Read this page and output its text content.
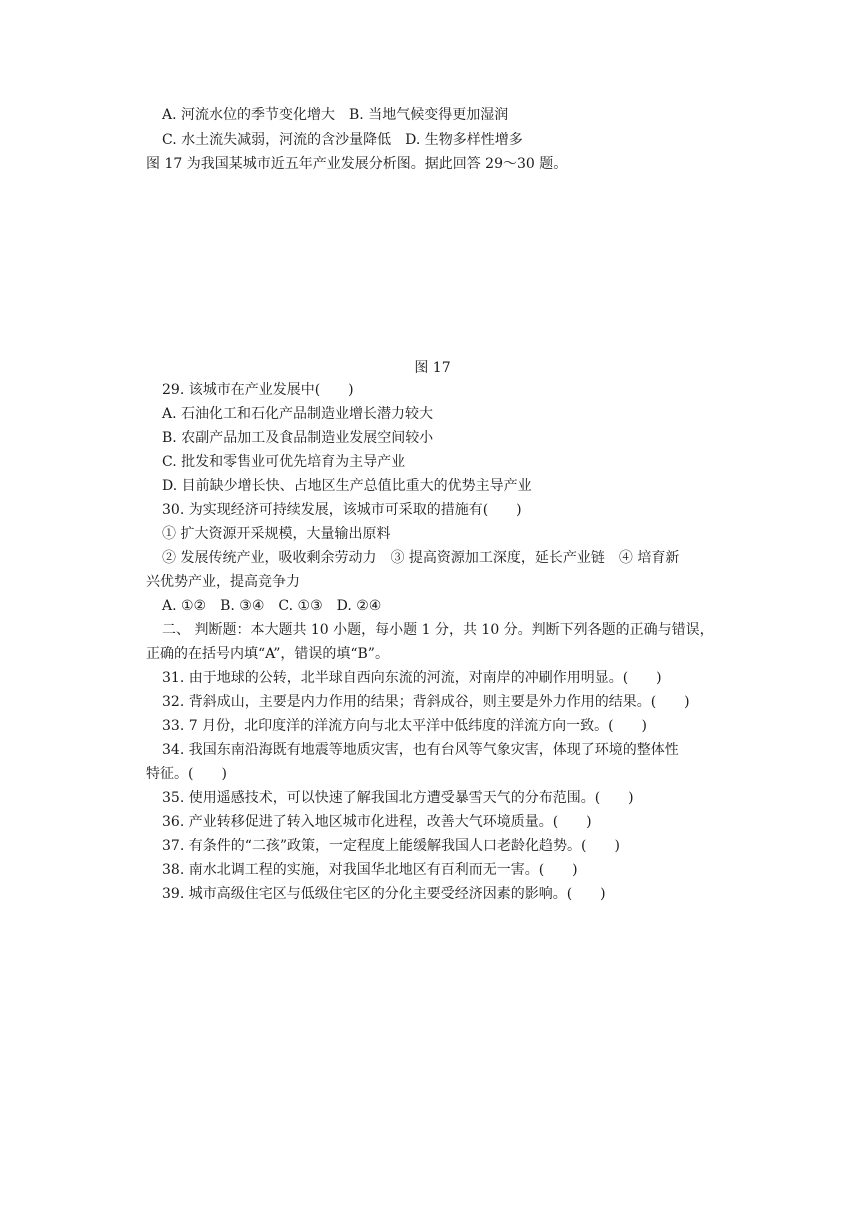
A. 河流水位的季节变化增大　B. 当地气候变得更加湿润
C. 水土流失减弱，河流的含沙量降低　D. 生物多样性增多
图 17 为我国某城市近五年产业发展分析图。据此回答 29～30 题。
图 17
29. 该城市在产业发展中(　　)
A. 石油化工和石化产品制造业增长潜力较大
B. 农副产品加工及食品制造业发展空间较小
C. 批发和零售业可优先培育为主导产业
D. 目前缺少增长快、占地区生产总值比重大的优势主导产业
30. 为实现经济可持续发展，该城市可采取的措施有(　　)
① 扩大资源开采规模，大量输出原料
② 发展传统产业，吸收剩余劳动力　③ 提高资源加工深度，延长产业链　④ 培育新
兴优势产业，提高竞争力
A. ①②　B. ③④　C. ①③　D. ②④
二、 判断题：本大题共 10 小题，每小题 1 分，共 10 分。判断下列各题的正确与错误，
正确的在括号内填“A”，错误的填“B”。
31. 由于地球的公转，北半球自西向东流的河流，对南岸的冲刷作用明显。(　　)
32. 背斜成山，主要是内力作用的结果；背斜成谷，则主要是外力作用的结果。(　　)
33. 7 月份，北印度洋的洋流方向与北太平洋中低纬度的洋流方向一致。(　　)
34. 我国东南沿海既有地震等地质灾害，也有台风等气象灾害，体现了环境的整体性
特征。(　　)
35. 使用遥感技术，可以快速了解我国北方遭受暴雪天气的分布范围。(　　)
36. 产业转移促进了转入地区城市化进程，改善大气环境质量。(　　)
37. 有条件的“二孩”政策，一定程度上能缓解我国人口老龄化趋势。(　　)
38. 南水北调工程的实施，对我国华北地区有百利而无一害。(　　)
39. 城市高级住宅区与低级住宅区的分化主要受经济因素的影响。(　　)
